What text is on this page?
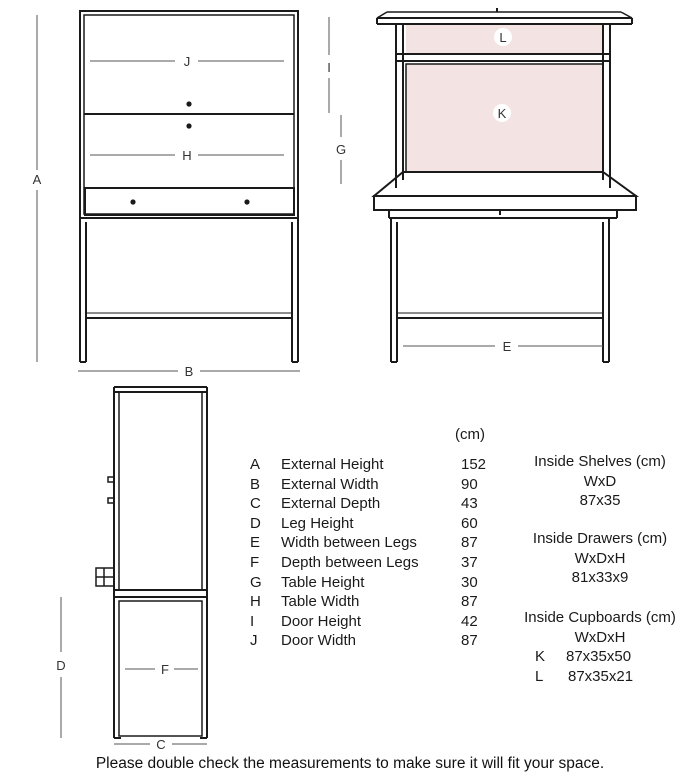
A
J
H
B
I
G
L
K
E
D	F
C
(cm)
A
B
C
D
E
F
G
H
I
J
External Height
External Width
External Depth
Leg Height
Width between Legs
Depth between Legs
Table Height
Table Width
Door Height
Door Width
152
90
43
60
87
37
30
87
42
87
Inside Shelves (cm)
WxD
87x35
Inside Drawers (cm)
WxDxH
81x33x9
Inside Cupboards (cm)
WxDxH
K 87x35x50
L 87x35x21
Please double check the measurements to make sure it will fit your space.
